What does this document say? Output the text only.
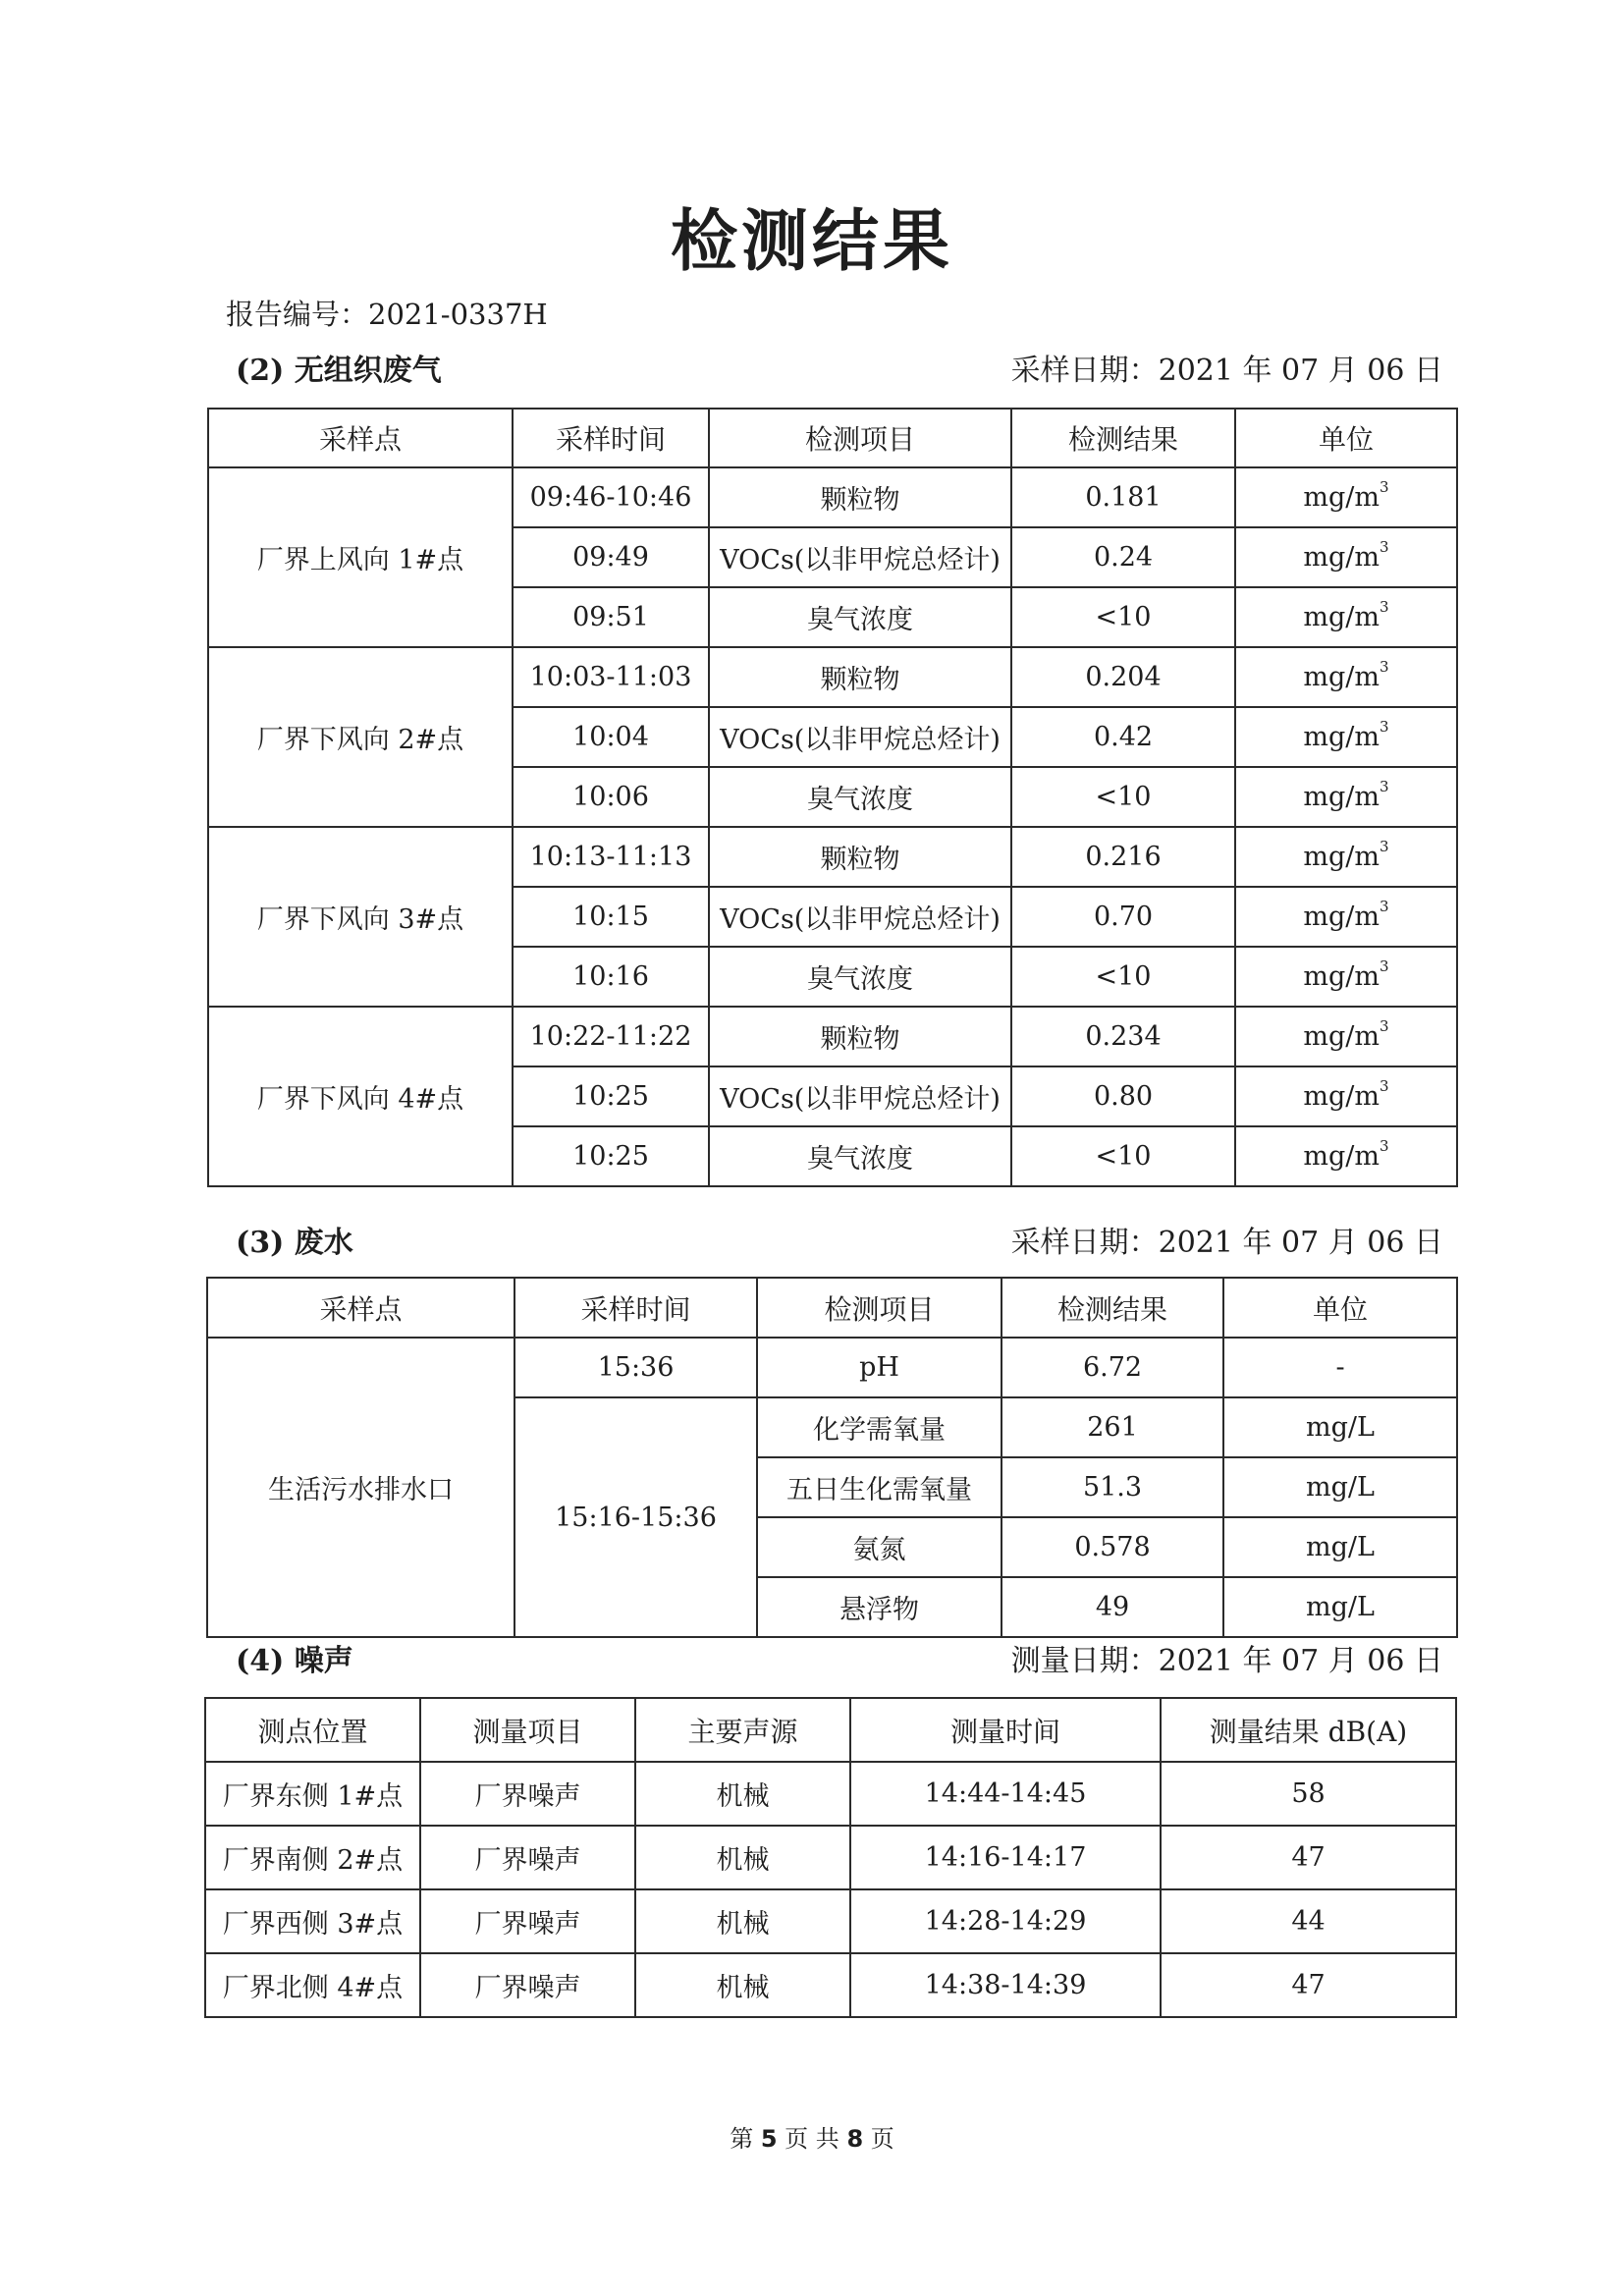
检测结果
报告编号：2021-0337H
(2) 无组织废气	采样日期：2021 年 07 月 06 日
采样点	采样时间	检测项目	检测结果	单位
厂界上风向 1#点	09:46-10:46	颗粒物	0.181	$mg/m^3$
	09:49	VOCs(以非甲烷总烃计)	0.24	$mg/m^3$
	09:51	臭气浓度	<10	$mg/m^3$
厂界下风向 2#点	10:03-11:03	颗粒物	0.204	$mg/m^3$
	10:04	VOCs(以非甲烷总烃计)	0.42	$mg/m^3$
	10:06	臭气浓度	<10	$mg/m^3$
厂界下风向 3#点	10:13-11:13	颗粒物	0.216	$mg/m^3$
	10:15	VOCs(以非甲烷总烃计)	0.70	$mg/m^3$
	10:16	臭气浓度	<10	$mg/m^3$
厂界下风向 4#点	10:22-11:22	颗粒物	0.234	$mg/m^3$
	10:25	VOCs(以非甲烷总烃计)	0.80	$mg/m^3$
	10:25	臭气浓度	<10	$mg/m^3$
(3) 废水	采样日期：2021 年 07 月 06 日
采样点	采样时间	检测项目	检测结果	单位
生活污水排水口	15:36	pH	6.72	-
	15:16-15:36	化学需氧量	261	mg/L
		五日生化需氧量	51.3	mg/L
		氨氮	0.578	mg/L
		悬浮物	49	mg/L
(4) 噪声	测量日期：2021 年 07 月 06 日
测点位置	测量项目	主要声源	测量时间	测量结果 dB(A)
厂界东侧 1#点	厂界噪声	机械	14:44-14:45	58
厂界南侧 2#点	厂界噪声	机械	14:16-14:17	47
厂界西侧 3#点	厂界噪声	机械	14:28-14:29	44
厂界北侧 4#点	厂界噪声	机械	14:38-14:39	47
第 5 页 共 8 页
